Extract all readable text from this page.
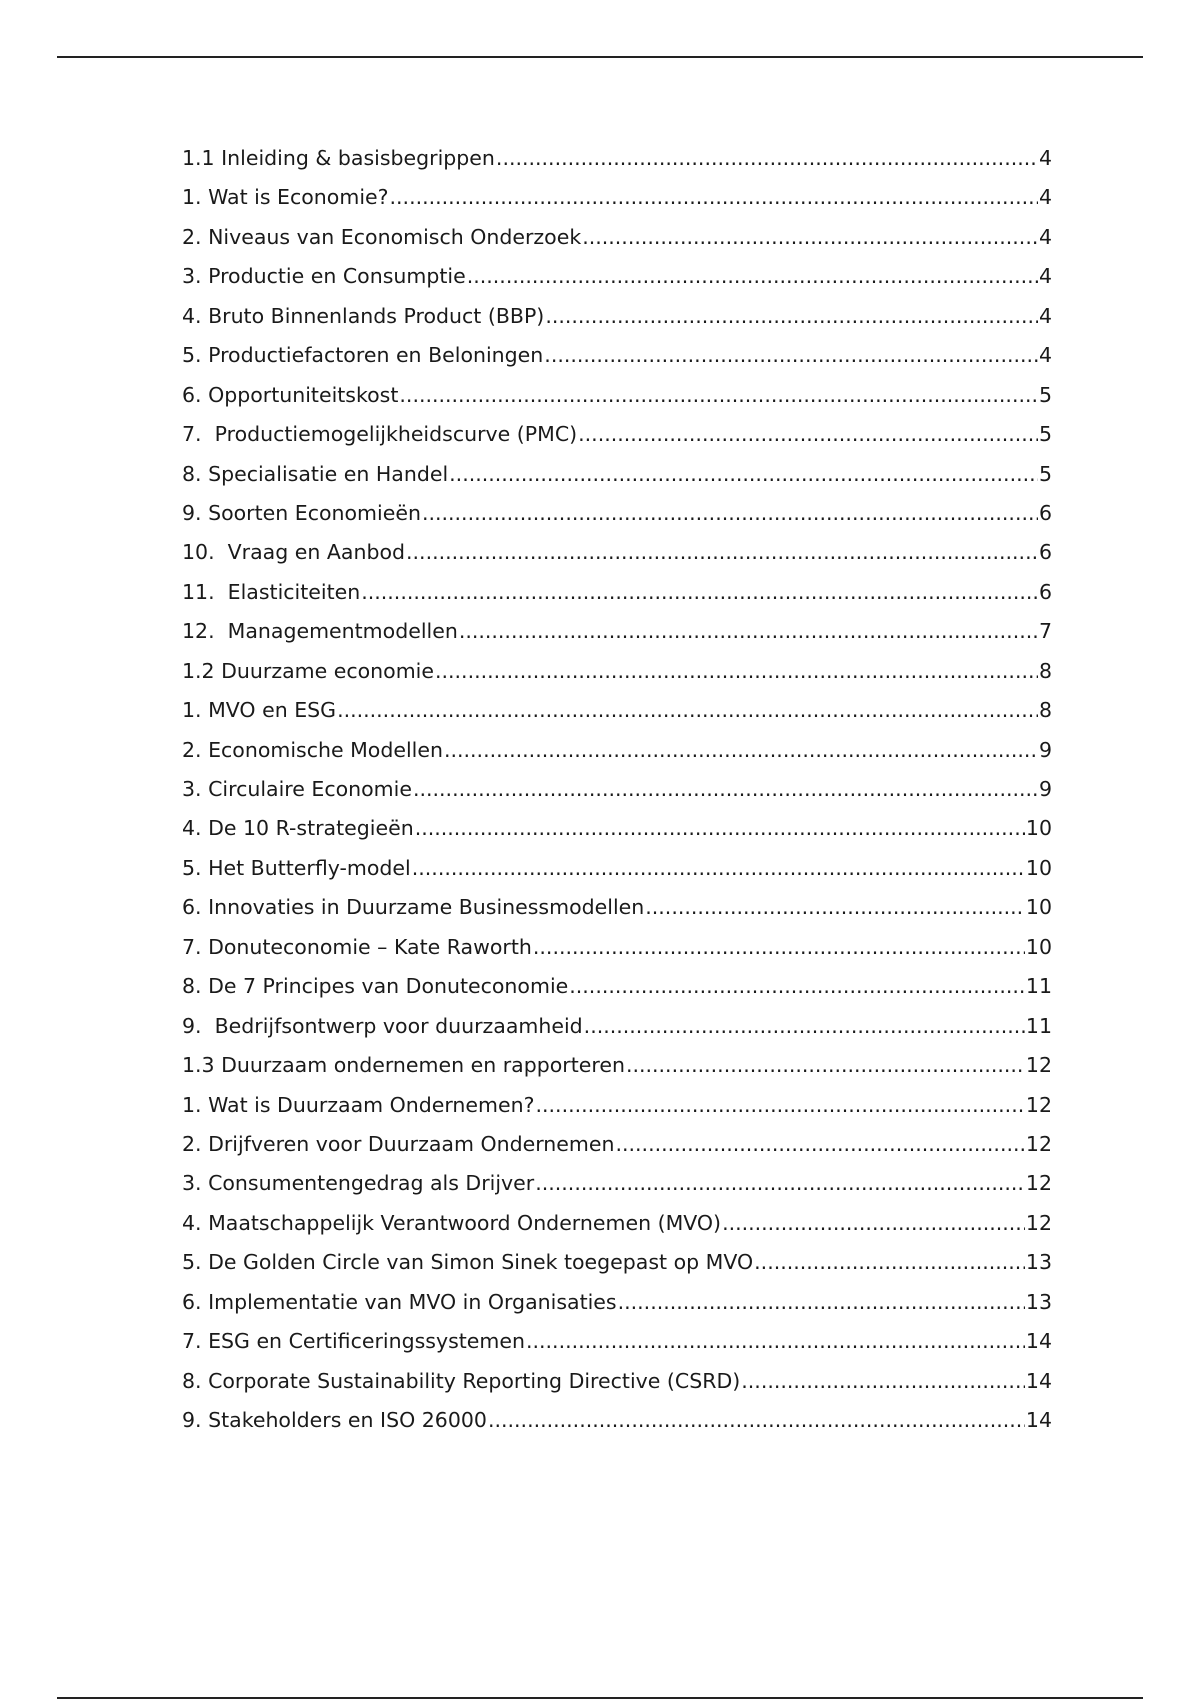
1.1 Inleiding & basisbegrippen .....	4
1. Wat is Economie? .....	4
2. Niveaus van Economisch Onderzoek .....	4
3. Productie en Consumptie .....	4
4. Bruto Binnenlands Product (BBP) .....	4
5. Productiefactoren en Beloningen .....	4
6. Opportuniteitskost .....	5
7.  Productiemogelijkheidscurve (PMC) .....	5
8. Specialisatie en Handel .....	5
9. Soorten Economieën .....	6
10.  Vraag en Aanbod .....	6
11.  Elasticiteiten .....	6
12.  Managementmodellen .....	7
1.2 Duurzame economie .....	8
1. MVO en ESG .....	8
2. Economische Modellen .....	9
3. Circulaire Economie .....	9
4. De 10 R-strategieën .....	10
5. Het Butterfly-model .....	10
6. Innovaties in Duurzame Businessmodellen .....	10
7. Donuteconomie – Kate Raworth .....	10
8. De 7 Principes van Donuteconomie .....	11
9.  Bedrijfsontwerp voor duurzaamheid .....	11
1.3 Duurzaam ondernemen en rapporteren .....	12
1. Wat is Duurzaam Ondernemen? .....	12
2. Drijfveren voor Duurzaam Ondernemen .....	12
3. Consumentengedrag als Drijver .....	12
4. Maatschappelijk Verantwoord Ondernemen (MVO) .....	12
5. De Golden Circle van Simon Sinek toegepast op MVO .....	13
6. Implementatie van MVO in Organisaties .....	13
7. ESG en Certificeringssystemen .....	14
8. Corporate Sustainability Reporting Directive (CSRD) .....	14
9. Stakeholders en ISO 26000 .....	14
